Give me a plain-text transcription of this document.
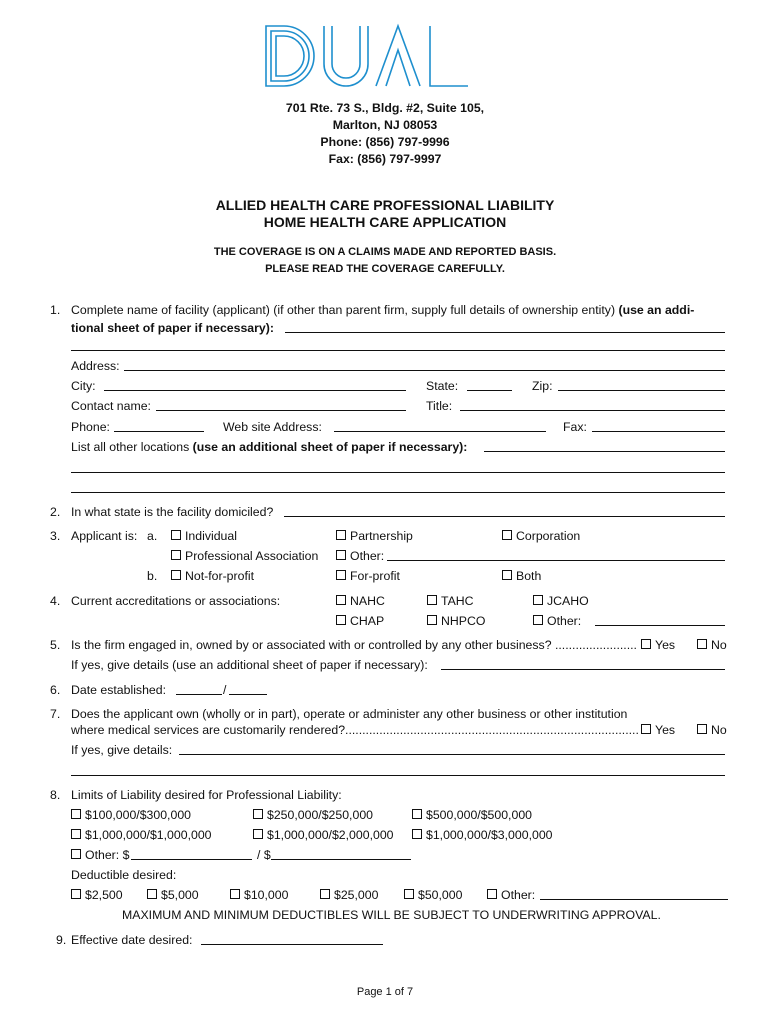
701 Rte. 73 S., Bldg. #2, Suite 105,
Marlton, NJ 08053
Phone: (856) 797-9996
Fax: (856) 797-9997
ALLIED HEALTH CARE PROFESSIONAL LIABILITY
HOME HEALTH CARE APPLICATION
THE COVERAGE IS ON A CLAIMS MADE AND REPORTED BASIS.
PLEASE READ THE COVERAGE CAREFULLY.
1. Complete name of facility (applicant) (if other than parent firm, supply full details of ownership entity) (use an addi-
tional sheet of paper if necessary):
Address:
City:	State:	Zip:
Contact name:	Title:
Phone:	Web site Address:	Fax:
List all other locations (use an additional sheet of paper if necessary):
2. In what state is the facility domiciled?
3. Applicant is: a.	Individual	Partnership	Corporation
Professional Association	Other:
b.	Not-for-profit	For-profit	Both
4. Current accreditations or associations:	NAHC	TAHC	JCAHO
CHAP	NHPCO	Other:
5. Is the firm engaged in, owned by or associated with or controlled by any other business? ........................	Yes	No
If yes, give details (use an additional sheet of paper if necessary):
6. Date established:	/
7. Does the applicant own (wholly or in part), operate or administer any other business or other institution
where medical services are customarily rendered?......................................................................................	Yes	No
If yes, give details:
8. Limits of Liability desired for Professional Liability:
$100,000/$300,000	$250,000/$250,000	$500,000/$500,000
$1,000,000/$1,000,000	$1,000,000/$2,000,000	$1,000,000/$3,000,000
Other: $	/ $
Deductible desired:
$2,500	$5,000	$10,000	$25,000	$50,000	Other:
MAXIMUM AND MINIMUM DEDUCTIBLES WILL BE SUBJECT TO UNDERWRITING APPROVAL.
9. Effective date desired:
Page 1 of 7
